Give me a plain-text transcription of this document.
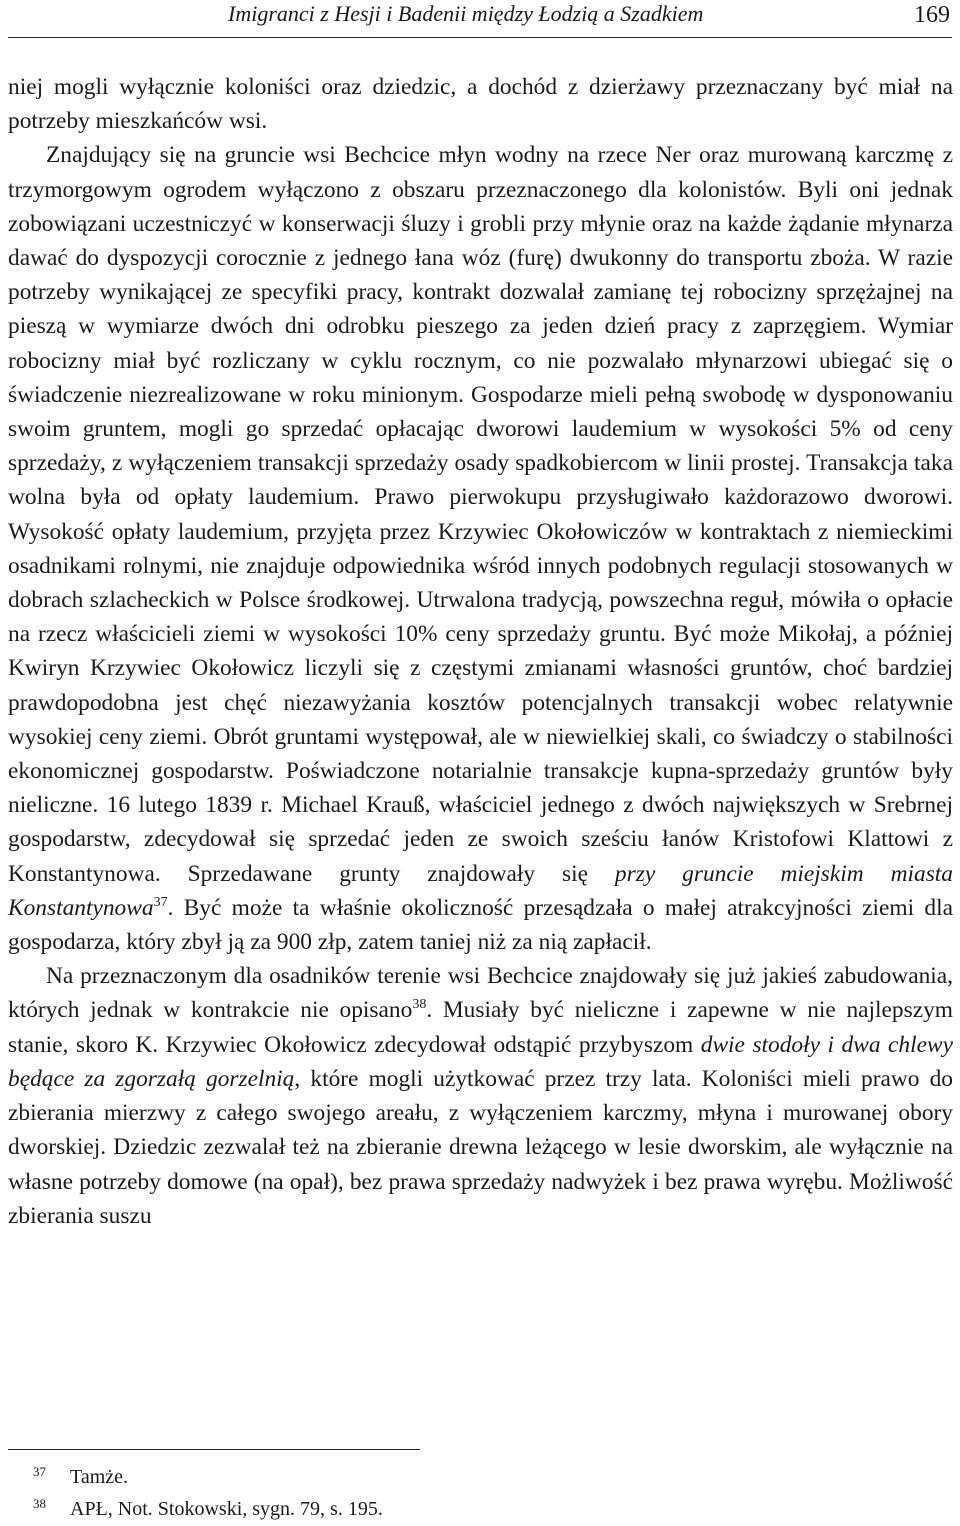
Imigranci z Hesji i Badenii między Łodzią a Szadkiem	169

niej mogli wyłącznie koloniści oraz dziedzic, a dochód z dzierżawy przeznaczany być miał na potrzeby mieszkańców wsi.

Znajdujący się na gruncie wsi Bechcice młyn wodny na rzece Ner oraz murowaną karczmę z trzymorgowym ogrodem wyłączono z obszaru przeznaczonego dla kolonistów. Byli oni jednak zobowiązani uczestniczyć w konserwacji śluzy i grobli przy młynie oraz na każde żądanie młynarza dawać do dyspozycji corocznie z jednego łana wóz (furę) dwukonny do transportu zboża. W razie potrzeby wynikającej ze specyfiki pracy, kontrakt dozwalał zamianę tej robocizny sprzężajnej na pieszą w wymiarze dwóch dni odrobku pieszego za jeden dzień pracy z zaprzęgiem. Wymiar robocizny miał być rozliczany w cyklu rocznym, co nie pozwalało młynarzowi ubiegać się o świadczenie niezrealizowane w roku minionym. Gospodarze mieli pełną swobodę w dysponowaniu swoim gruntem, mogli go sprzedać opłacając dworowi laudemium w wysokości 5% od ceny sprzedaży, z wyłączeniem transakcji sprzedaży osady spadkobiercom w linii prostej. Transakcja taka wolna była od opłaty laudemium. Prawo pierwokupu przysługiwało każdorazowo dworowi. Wysokość opłaty laudemium, przyjęta przez Krzywiec Okołowiczów w kontraktach z niemieckimi osadnikami rolnymi, nie znajduje odpowiednika wśród innych podobnych regulacji stosowanych w dobrach szlacheckich w Polsce środkowej. Utrwalona tradycją, powszechna reguł, mówiła o opłacie na rzecz właścicieli ziemi w wysokości 10% ceny sprzedaży gruntu. Być może Mikołaj, a później Kwiryn Krzywiec Okołowicz liczyli się z częstymi zmianami własności gruntów, choć bardziej prawdopodobna jest chęć niezawyżania kosztów potencjalnych transakcji wobec relatywnie wysokiej ceny ziemi. Obrót gruntami występował, ale w niewielkiej skali, co świadczy o stabilności ekonomicznej gospodarstw. Poświadczone notarialnie transakcje kupna-sprzedaży gruntów były nieliczne. 16 lutego 1839 r. Michael Krauß, właściciel jednego z dwóch największych w Srebrnej gospodarstw, zdecydował się sprzedać jeden ze swoich sześciu łanów Kristofowi Klattowi z Konstantynowa. Sprzedawane grunty znajdowały się przy gruncie miejskim miasta Konstantynowa$^{37}$. Być może ta właśnie okoliczność przesądzała o małej atrakcyjności ziemi dla gospodarza, który zbył ją za 900 złp, zatem taniej niż za nią zapłacił.

Na przeznaczonym dla osadników terenie wsi Bechcice znajdowały się już jakieś zabudowania, których jednak w kontrakcie nie opisano$^{38}$. Musiały być nieliczne i zapewne w nie najlepszym stanie, skoro K. Krzywiec Okołowicz zdecydował odstąpić przybyszom dwie stodoły i dwa chlewy będące za zgorzałą gorzelnią, które mogli użytkować przez trzy lata. Koloniści mieli prawo do zbierania mierzwy z całego swojego areału, z wyłączeniem karczmy, młyna i murowanej obory dworskiej. Dziedzic zezwalał też na zbieranie drewna leżącego w lesie dworskim, ale wyłącznie na własne potrzeby domowe (na opał), bez prawa sprzedaży nadwyżek i bez prawa wyrębu. Możliwość zbierania suszu

37	Tamże.
38	APŁ, Not. Stokowski, sygn. 79, s. 195.
